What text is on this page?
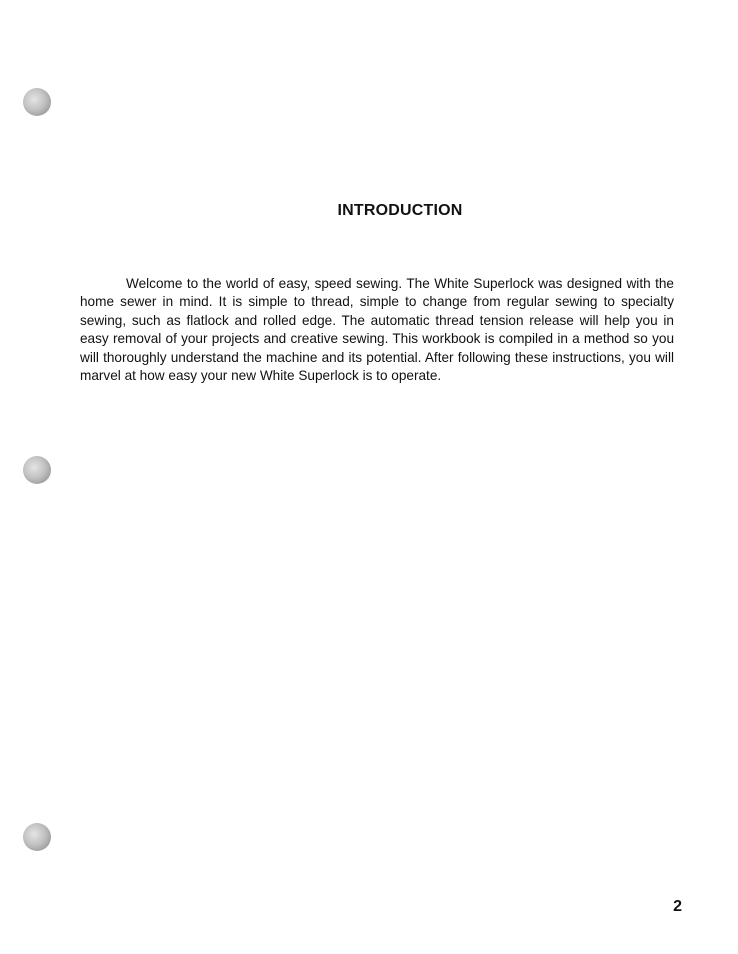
INTRODUCTION

Welcome to the world of easy, speed sewing. The White Superlock was designed with the home sewer in mind. It is simple to thread, simple to change from regular sewing to specialty sewing, such as flatlock and rolled edge. The automatic thread tension release will help you in easy removal of your projects and creative sewing. This workbook is compiled in a method so you will thoroughly understand the machine and its potential. After following these instructions, you will marvel at how easy your new White Superlock is to operate.

2
